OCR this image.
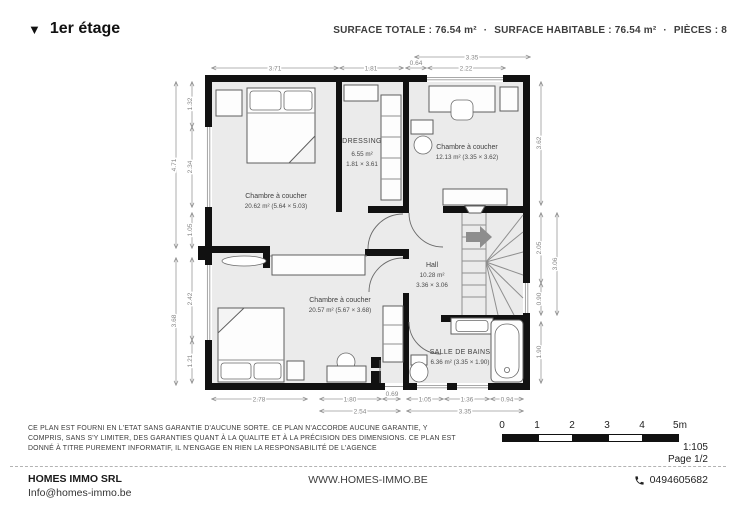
▼ 1er étage	SURFACE TOTALE : 76.54 m² · SURFACE HABITABLE : 76.54 m² · PIÈCES : 8
Chambre à coucher
20.62 m² (5.64 × 5.03)
DRESSING
6.55 m²
1.81 × 3.61
Chambre à coucher
12.13 m² (3.35 × 3.62)
Hall
10.28 m²
3.36 × 3.06
Chambre à coucher
20.57 m² (5.67 × 3.68)
SALLE DE BAINS
6.36 m² (3.35 × 1.90)
3.35
3.71	1.81
0.64
2.22
4.71
3.68
1.32
2.34
1.05
2.42
1.21
3.62
2.05
0.90
1.90
3.06
2.78	1.80
0.69
1.05	1.36	0.94
2.54	3.35
CE PLAN EST FOURNI EN L'ETAT SANS GARANTIE D'AUCUNE SORTE. CE PLAN N'ACCORDE AUCUNE GARANTIE, Y
COMPRIS, SANS S'Y LIMITER, DES GARANTIES QUANT À LA QUALITE ET À LA PRÉCISION DES DIMENSIONS. CE PLAN EST
DONNÉ À TITRE PUREMENT INFORMATIF, IL N'ENGAGE EN RIEN LA RESPONSABILITÉ DE L'AGENCE
0	1	2	3	4	5m
1:105
Page 1/2
HOMES IMMO SRL
Info@homes-immo.be
WWW.HOMES-IMMO.BE	0494605682
